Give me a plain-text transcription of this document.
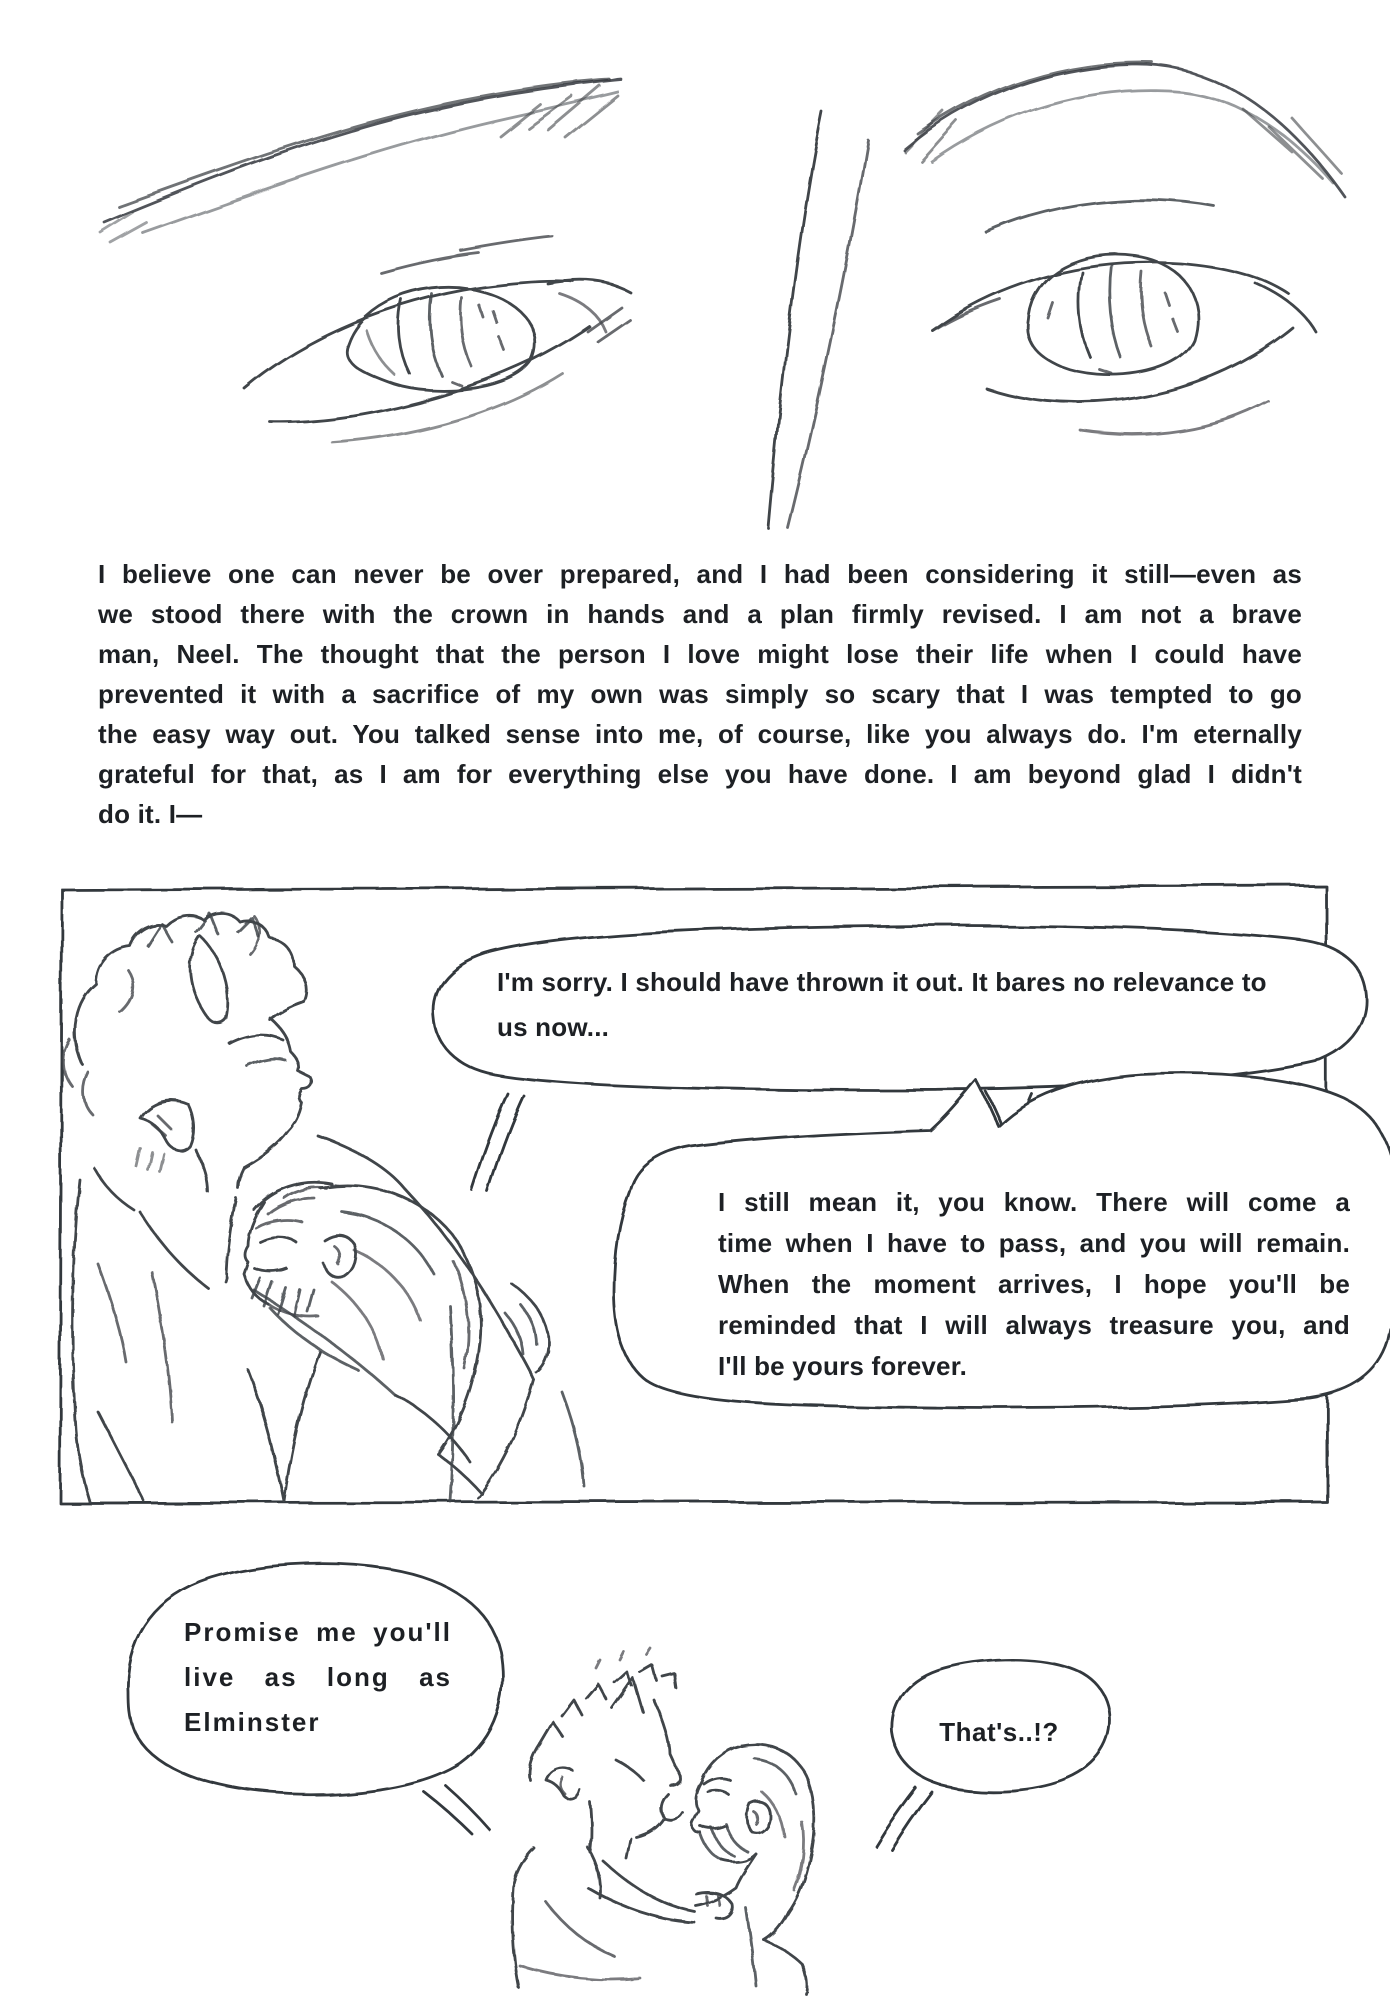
I believe one can never be over prepared, and I had been considering it still—even as
we stood there with the crown in hands and a plan firmly revised. I am not a brave
man, Neel. The thought that the person I love might lose their life when I could have
prevented it with a sacrifice of my own was simply so scary that I was tempted to go
the easy way out. You talked sense into me, of course, like you always do. I'm eternally
grateful for that, as I am for everything else you have done. I am beyond glad I didn't
do it. I—
I'm sorry. I should have thrown it out. It bares no relevance to
us now...
I still mean it, you know. There will come a
time when I have to pass, and you will remain.
When the moment arrives, I hope you'll be
reminded that I will always treasure you, and
I'll be yours forever.
Promise me you'll
live as long as
Elminster	That's..!?
